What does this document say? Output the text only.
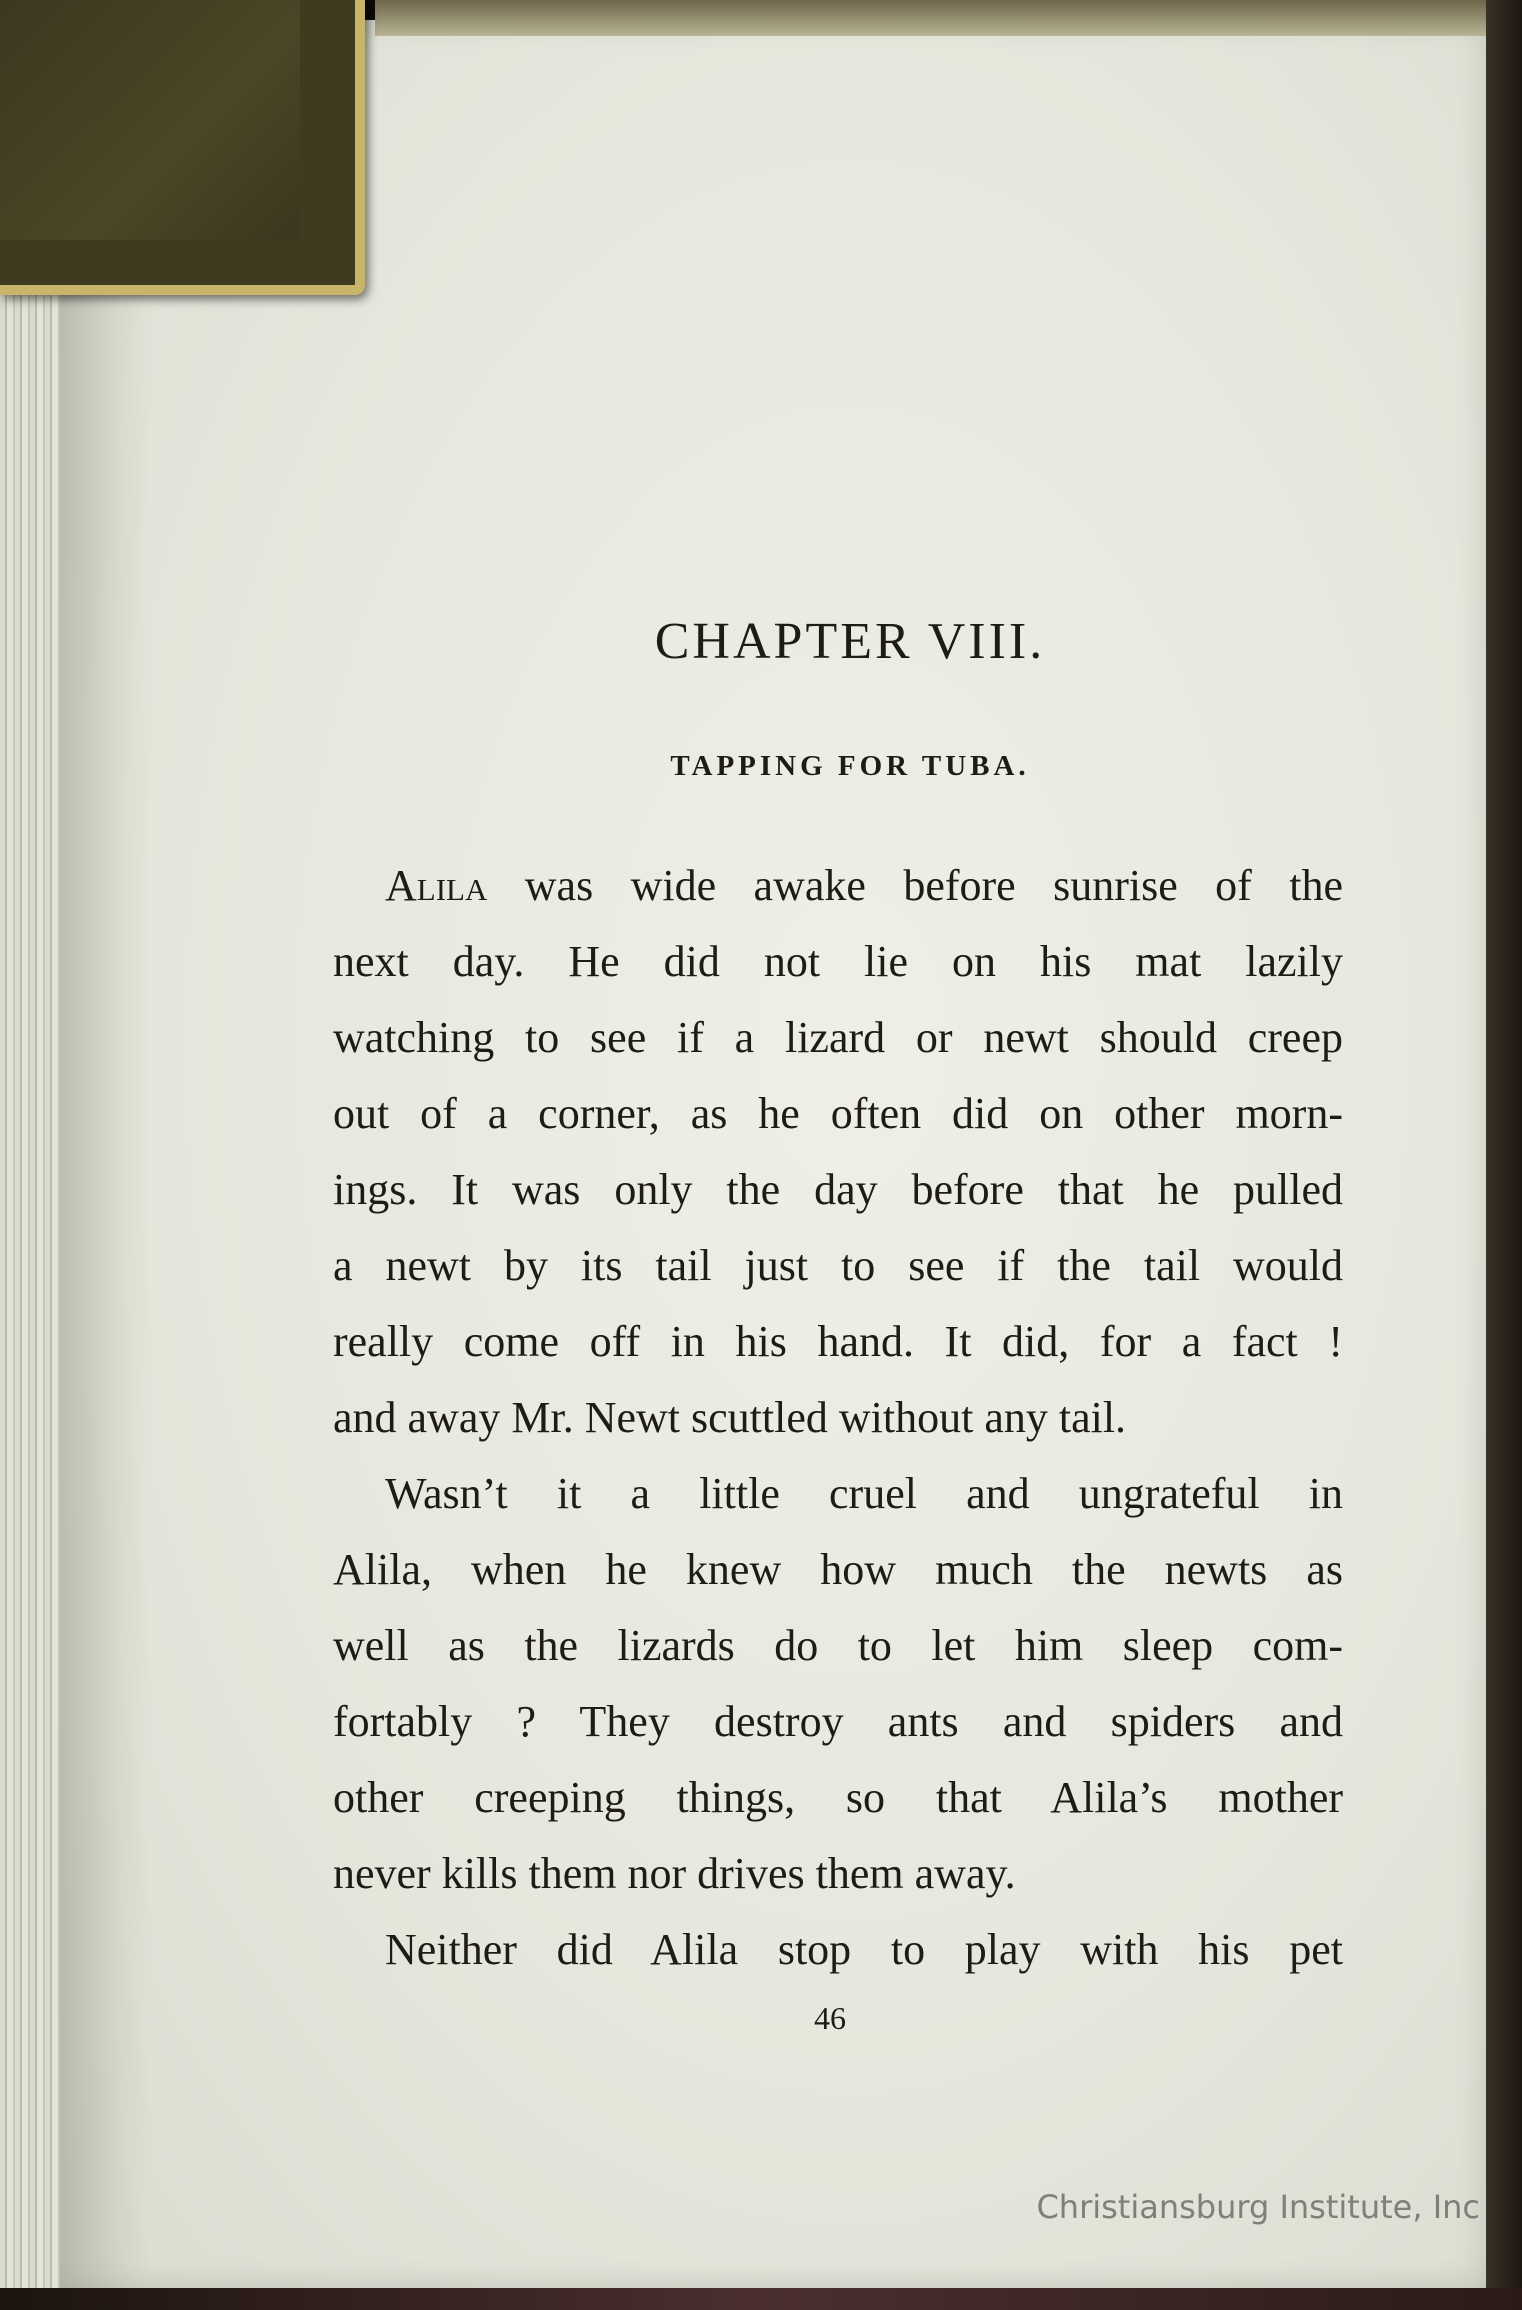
CHAPTER VIII.
TAPPING FOR TUBA.
Alila was wide awake before sunrise of the
next day. He did not lie on his mat lazily
watching to see if a lizard or newt should creep
out of a corner, as he often did on other morn-
ings. It was only the day before that he pulled
a newt by its tail just to see if the tail would
really come off in his hand. It did, for a fact !
and away Mr. Newt scuttled without any tail.
Wasn’t it a little cruel and ungrateful in
Alila, when he knew how much the newts as
well as the lizards do to let him sleep com-
fortably ? They destroy ants and spiders and
other creeping things, so that Alila’s mother
never kills them nor drives them away.
Neither did Alila stop to play with his pet

46

Christiansburg Institute, Inc
